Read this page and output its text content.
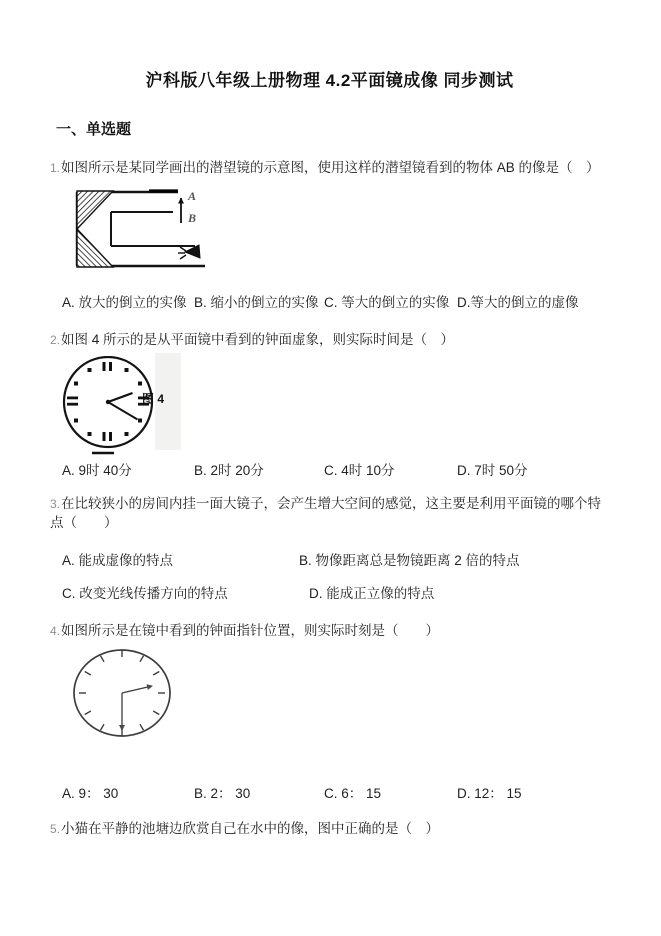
沪科版八年级上册物理 4.2平面镜成像 同步测试
一、单选题

1.如图所示是某同学画出的潜望镜的示意图，使用这样的潜望镜看到的物体 AB 的像是（　）

A
B
A. 放大的倒立的实像 B. 缩小的倒立的实像 C. 等大的倒立的实像 D.等大的倒立的虚像

2.如图 4 所示的是从平面镜中看到的钟面虚象，则实际时间是（　）

图 4
A. 9时 40分	B. 2时 20分	C. 4时 10分	D. 7时 50分

3.在比较狭小的房间内挂一面大镜子，会产生增大空间的感觉，这主要是利用平面镜的哪个特点（　　）

A. 能成虚像的特点	B. 物像距离总是物镜距离 2 倍的特点
C. 改变光线传播方向的特点	D. 能成正立像的特点

4.如图所示是在镜中看到的钟面指针位置，则实际时刻是（　　）

A. 9： 30	B. 2： 30	C. 6： 15	D. 12： 15

5.小猫在平静的池塘边欣赏自己在水中的像，图中正确的是（　）
